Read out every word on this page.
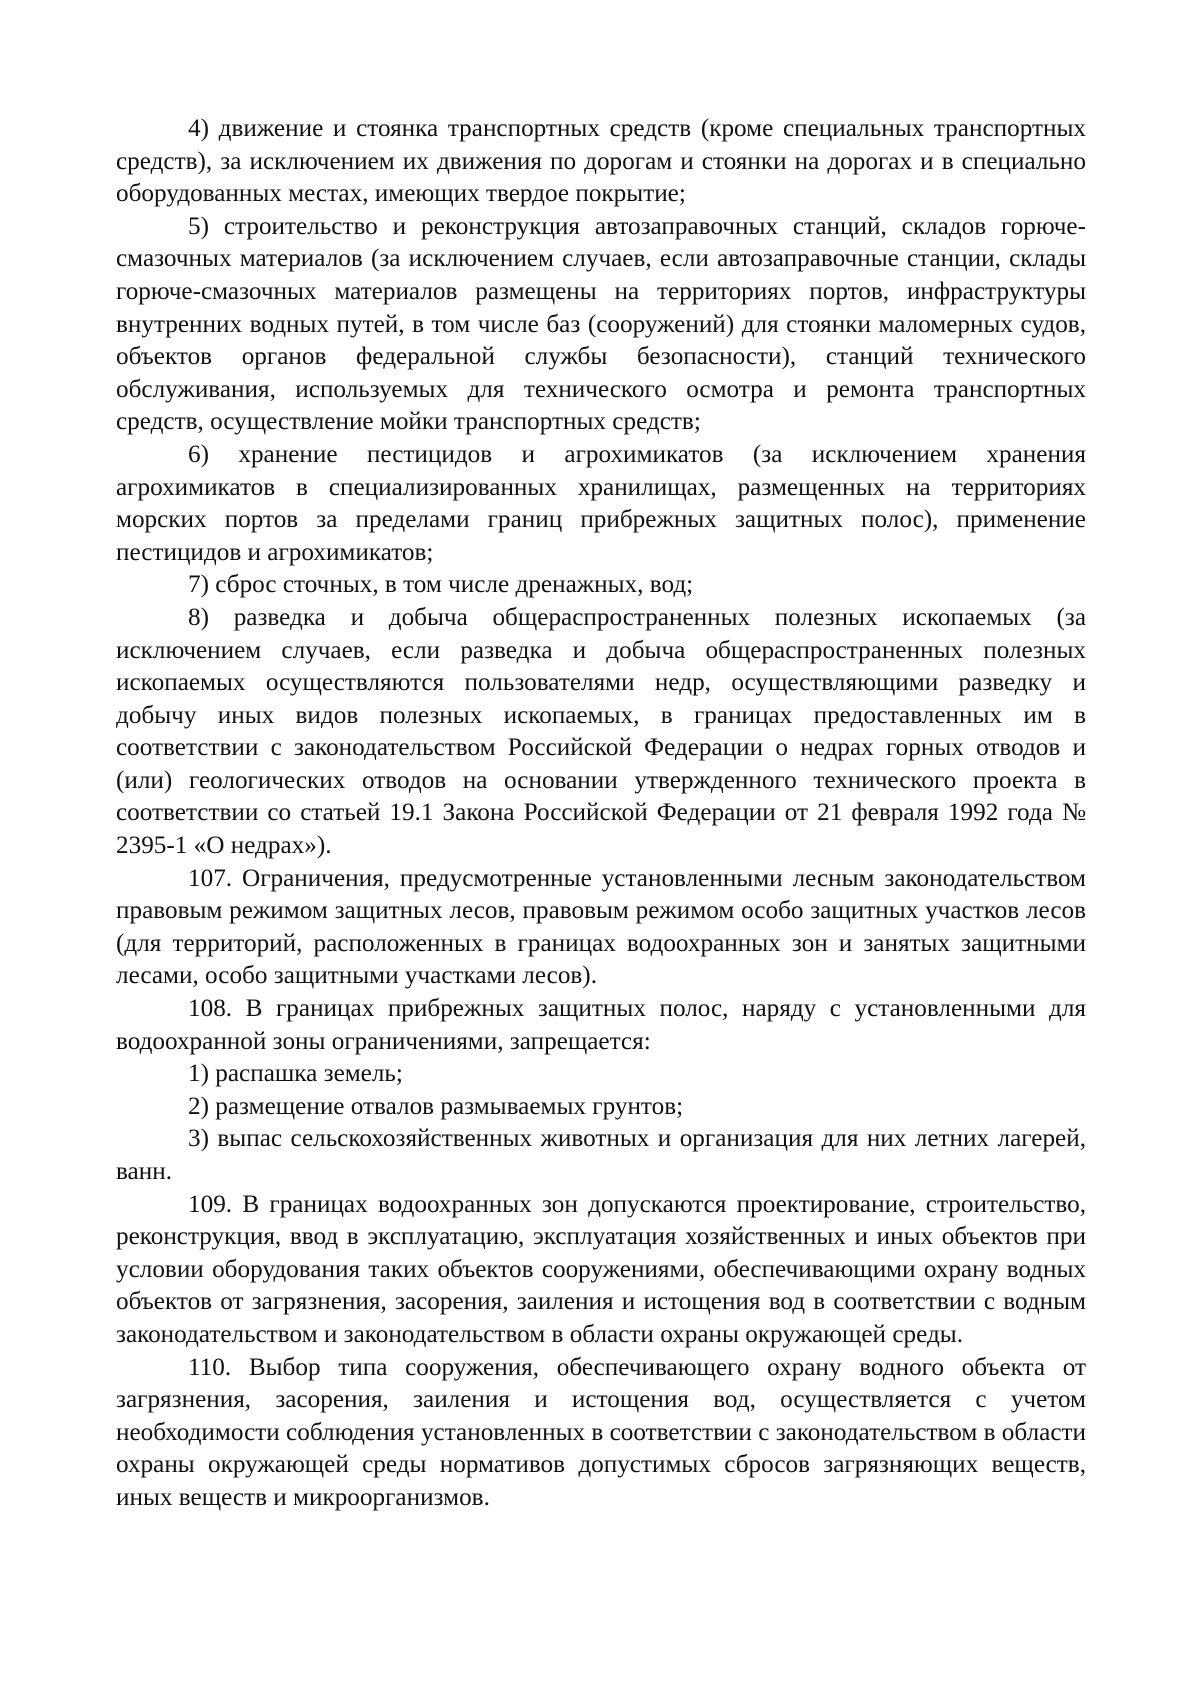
4) движение и стоянка транспортных средств (кроме специальных транспортных средств), за исключением их движения по дорогам и стоянки на дорогах и в специально оборудованных местах, имеющих твердое покрытие;

5) строительство и реконструкция автозаправочных станций, складов горюче-смазочных материалов (за исключением случаев, если автозаправочные станции, склады горюче-смазочных материалов размещены на территориях портов, инфраструктуры внутренних водных путей, в том числе баз (сооружений) для стоянки маломерных судов, объектов органов федеральной службы безопасности), станций технического обслуживания, используемых для технического осмотра и ремонта транспортных средств, осуществление мойки транспортных средств;

6) хранение пестицидов и агрохимикатов (за исключением хранения агрохимикатов в специализированных хранилищах, размещенных на территориях морских портов за пределами границ прибрежных защитных полос), применение пестицидов и агрохимикатов;

7) сброс сточных, в том числе дренажных, вод;

8) разведка и добыча общераспространенных полезных ископаемых (за исключением случаев, если разведка и добыча общераспространенных полезных ископаемых осуществляются пользователями недр, осуществляющими разведку и добычу иных видов полезных ископаемых, в границах предоставленных им в соответствии с законодательством Российской Федерации о недрах горных отводов и (или) геологических отводов на основании утвержденного технического проекта в соответствии со статьей 19.1 Закона Российской Федерации от 21 февраля 1992 года № 2395-1 «О недрах»).

107. Ограничения, предусмотренные установленными лесным законодательством правовым режимом защитных лесов, правовым режимом особо защитных участков лесов (для территорий, расположенных в границах водоохранных зон и занятых защитными лесами, особо защитными участками лесов).

108. В границах прибрежных защитных полос, наряду с установленными для водоохранной зоны ограничениями, запрещается:

1) распашка земель;

2) размещение отвалов размываемых грунтов;

3) выпас сельскохозяйственных животных и организация для них летних лагерей, ванн.

109. В границах водоохранных зон допускаются проектирование, строительство, реконструкция, ввод в эксплуатацию, эксплуатация хозяйственных и иных объектов при условии оборудования таких объектов сооружениями, обеспечивающими охрану водных объектов от загрязнения, засорения, заиления и истощения вод в соответствии с водным законодательством и законодательством в области охраны окружающей среды.

110. Выбор типа сооружения, обеспечивающего охрану водного объекта от загрязнения, засорения, заиления и истощения вод, осуществляется с учетом необходимости соблюдения установленных в соответствии с законодательством в области охраны окружающей среды нормативов допустимых сбросов загрязняющих веществ, иных веществ и микроорганизмов.
